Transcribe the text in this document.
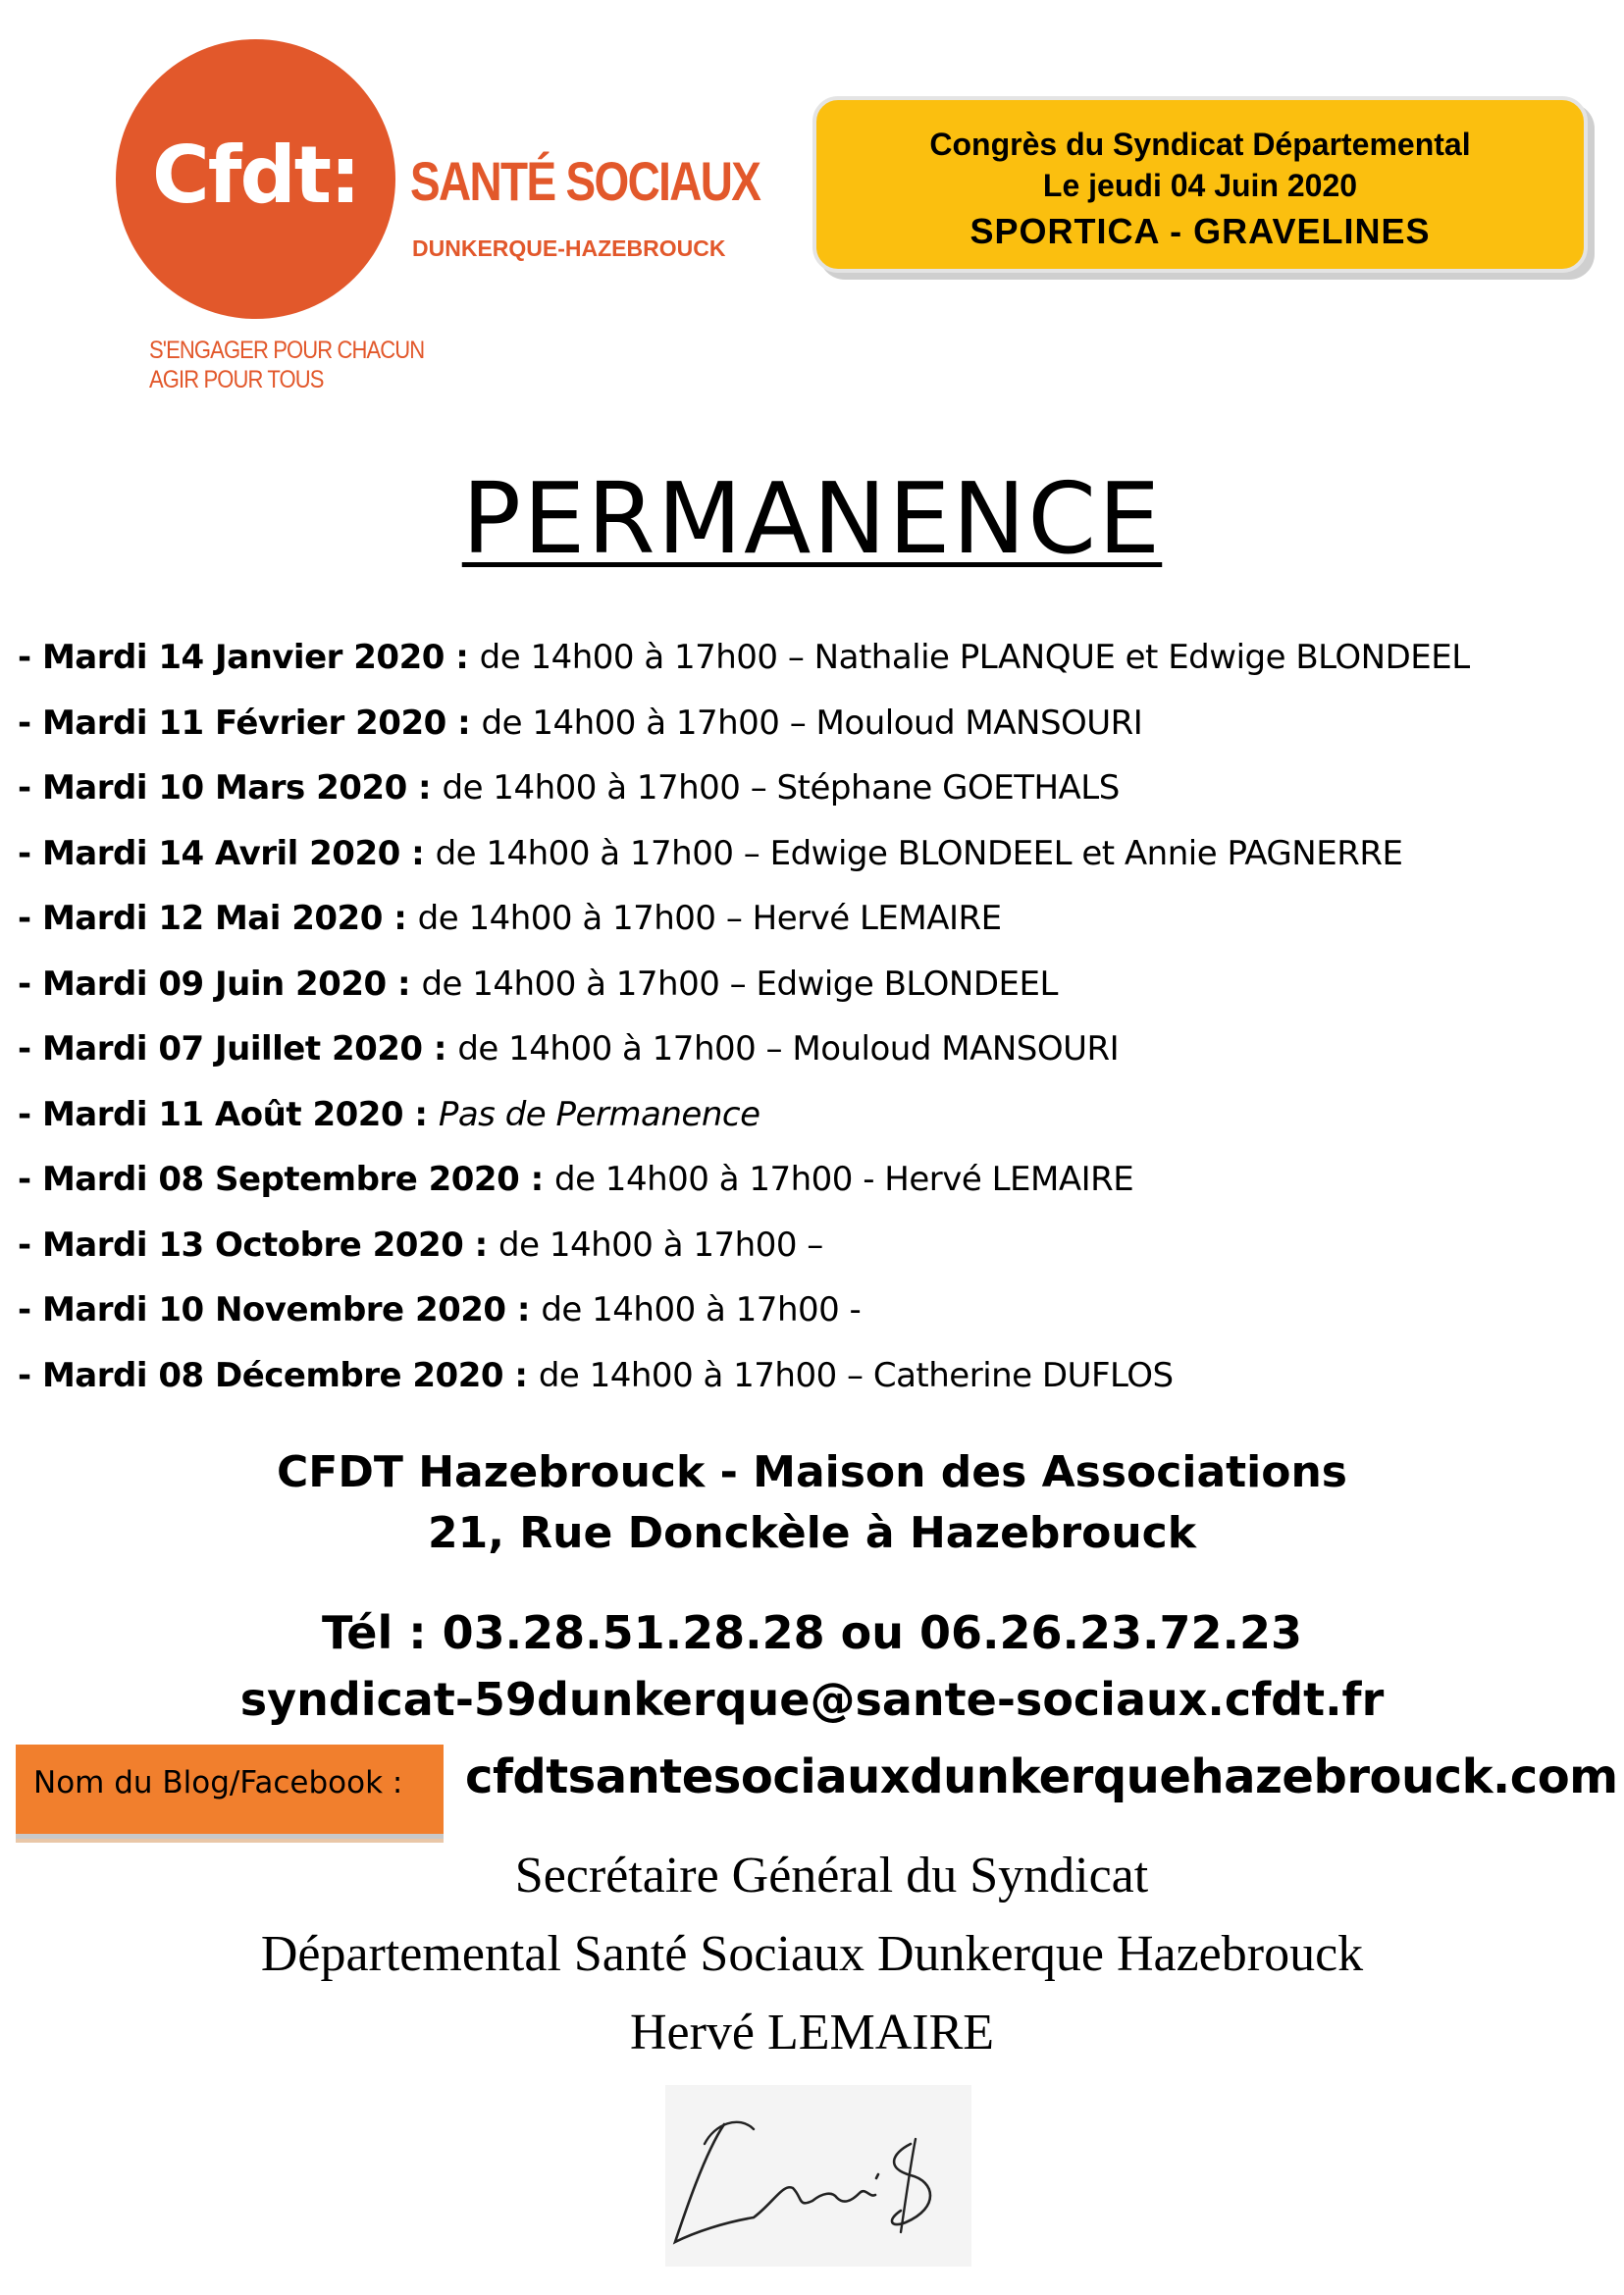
Cfdt: SANTÉ SOCIAUX
DUNKERQUE-HAZEBROUCK
S'ENGAGER POUR CHACUN
AGIR POUR TOUS
Congrès du Syndicat Départemental
Le jeudi 04 Juin 2020
SPORTICA - GRAVELINES
PERMANENCE
- Mardi 14 Janvier 2020 : de 14h00 à 17h00 – Nathalie PLANQUE et Edwige BLONDEEL
- Mardi 11 Février 2020 : de 14h00 à 17h00 – Mouloud MANSOURI
- Mardi 10 Mars 2020 : de 14h00 à 17h00 – Stéphane GOETHALS
- Mardi 14 Avril 2020 : de 14h00 à 17h00 – Edwige BLONDEEL et Annie PAGNERRE
- Mardi 12 Mai 2020 : de 14h00 à 17h00 – Hervé LEMAIRE
- Mardi 09 Juin 2020 : de 14h00 à 17h00 – Edwige BLONDEEL
- Mardi 07 Juillet 2020 : de 14h00 à 17h00 – Mouloud MANSOURI
- Mardi 11 Août 2020 : Pas de Permanence
- Mardi 08 Septembre 2020 : de 14h00 à 17h00 - Hervé LEMAIRE
- Mardi 13 Octobre 2020 : de 14h00 à 17h00 –
- Mardi 10 Novembre 2020 : de 14h00 à 17h00 -
- Mardi 08 Décembre 2020 : de 14h00 à 17h00 – Catherine DUFLOS
CFDT Hazebrouck - Maison des Associations
21, Rue Donckèle à Hazebrouck
Tél : 03.28.51.28.28 ou 06.26.23.72.23
syndicat-59dunkerque@sante-sociaux.cfdt.fr
Nom du Blog/Facebook :	cfdtsantesociauxdunkerquehazebrouck.com
Secrétaire Général du Syndicat
Départemental Santé Sociaux Dunkerque Hazebrouck
Hervé LEMAIRE
